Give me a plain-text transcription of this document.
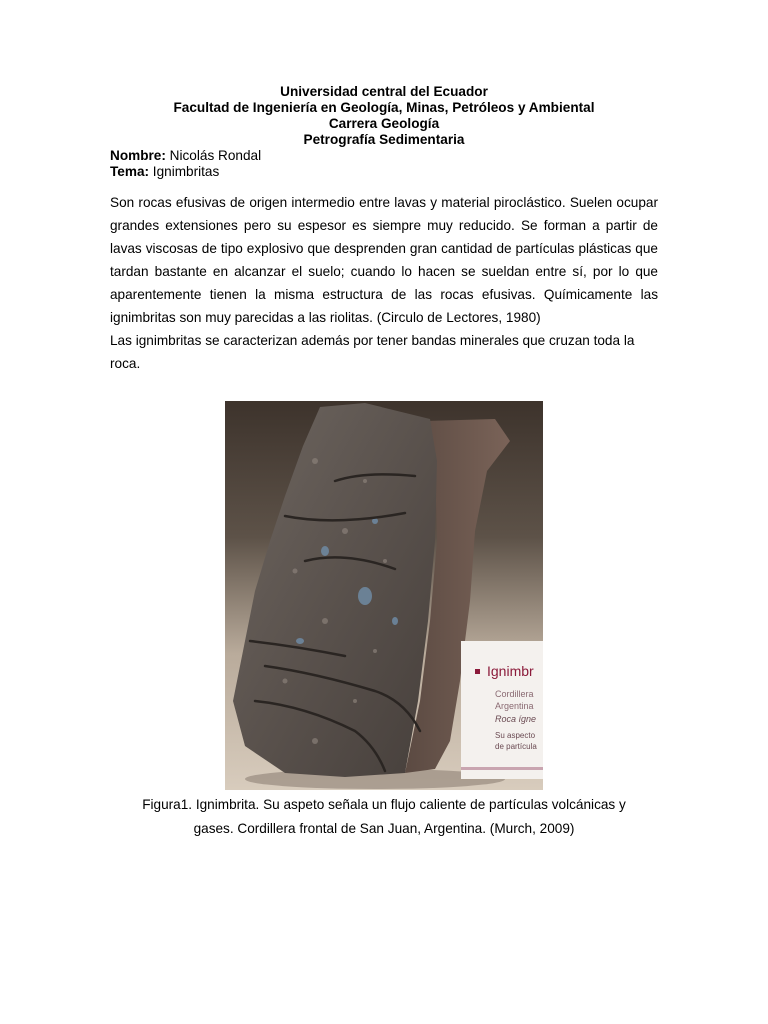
Universidad central del Ecuador
Facultad de Ingeniería en Geología, Minas, Petróleos y Ambiental
Carrera Geología
Petrografía Sedimentaria
Nombre: Nicolás Rondal
Tema: Ignimbritas
Son rocas efusivas de origen intermedio entre lavas y material piroclástico. Suelen ocupar grandes extensiones pero su espesor es siempre muy reducido. Se forman a partir de lavas viscosas de tipo explosivo que desprenden gran cantidad de partículas plásticas que tardan bastante en alcanzar el suelo; cuando lo hacen se sueldan entre sí, por lo que aparentemente tienen la misma estructura de las rocas efusivas. Químicamente las ignimbritas son muy parecidas a las riolitas. (Circulo de Lectores, 1980)
Las ignimbritas se caracterizan además por tener bandas minerales que cruzan toda la roca.
Ignimbr
Cordillera
Argentina
Roca ígne
Su aspecto
de partícula
Figura1. Ignimbrita. Su aspeto señala un flujo caliente de partículas volcánicas y
gases. Cordillera frontal de San Juan, Argentina. (Murch, 2009)
